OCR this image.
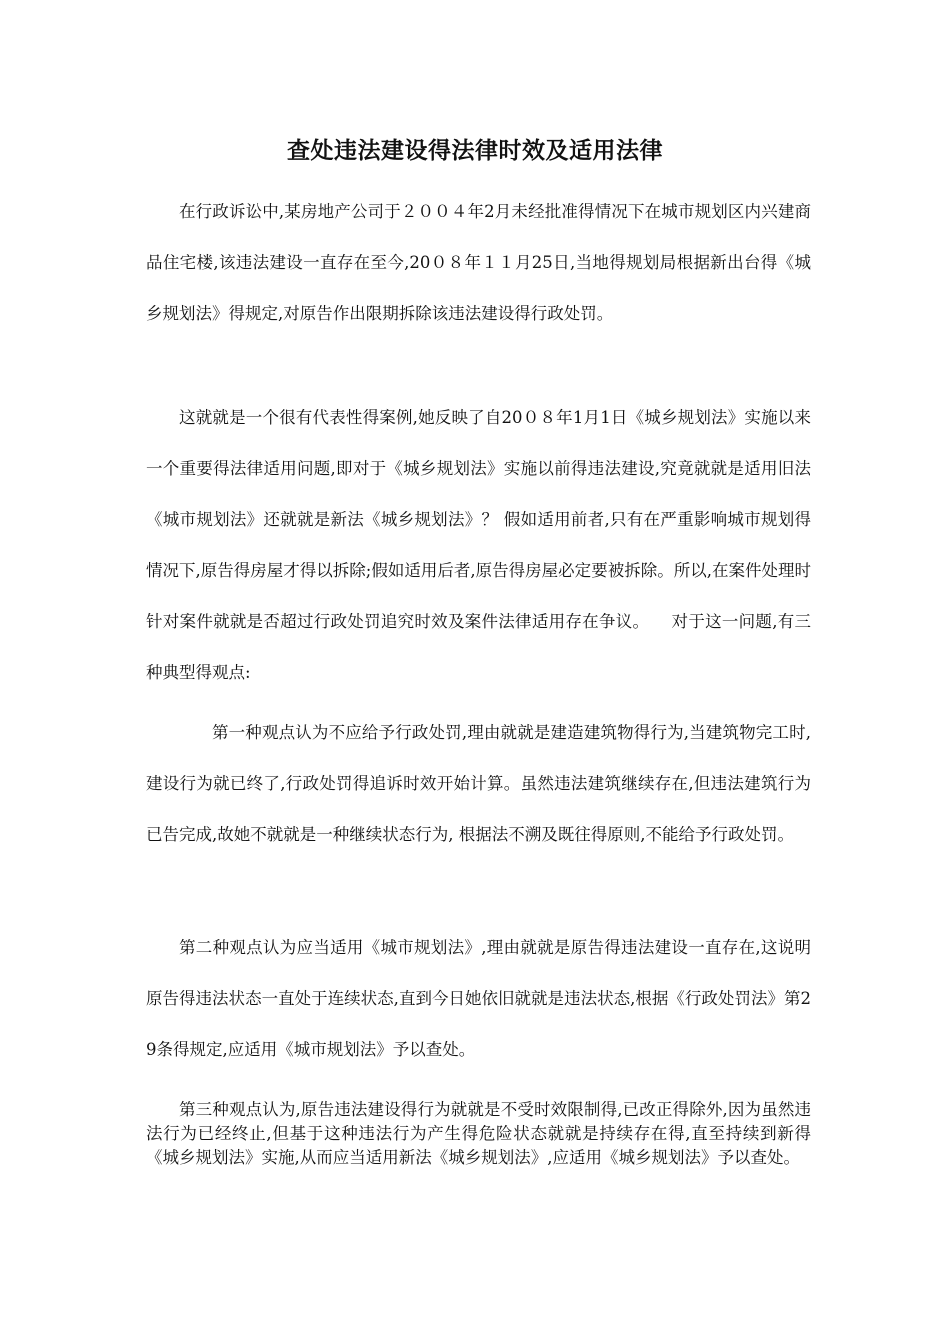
查处违法建设得法律时效及适用法律

在行政诉讼中,某房地产公司于２００４年2月未经批准得情况下在城市规划区内兴建商品住宅楼,该违法建设一直存在至今,20０８年１１月25日,当地得规划局根据新出台得《城乡规划法》得规定,对原告作出限期拆除该违法建设得行政处罚。

这就就是一个很有代表性得案例,她反映了自20０８年1月1日《城乡规划法》实施以来一个重要得法律适用问题,即对于《城乡规划法》实施以前得违法建设,究竟就就是适用旧法《城市规划法》还就就是新法《城乡规划法》？ 假如适用前者,只有在严重影响城市规划得情况下,原告得房屋才得以拆除;假如适用后者,原告得房屋必定要被拆除。所以,在案件处理时针对案件就就是否超过行政处罚追究时效及案件法律适用存在争议。 　对于这一问题,有三种典型得观点:

第一种观点认为不应给予行政处罚,理由就就是建造建筑物得行为,当建筑物完工时,建设行为就已终了,行政处罚得追诉时效开始计算。虽然违法建筑继续存在,但违法建筑行为已告完成,故她不就就是一种继续状态行为, 根据法不溯及既往得原则,不能给予行政处罚。

第二种观点认为应当适用《城市规划法》,理由就就是原告得违法建设一直存在,这说明原告得违法状态一直处于连续状态,直到今日她依旧就就是违法状态,根据《行政处罚法》第29条得规定,应适用《城市规划法》予以查处。

第三种观点认为,原告违法建设得行为就就是不受时效限制得,已改正得除外,因为虽然违法行为已经终止,但基于这种违法行为产生得危险状态就就是持续存在得,直至持续到新得《城乡规划法》实施,从而应当适用新法《城乡规划法》,应适用《城乡规划法》予以查处。
